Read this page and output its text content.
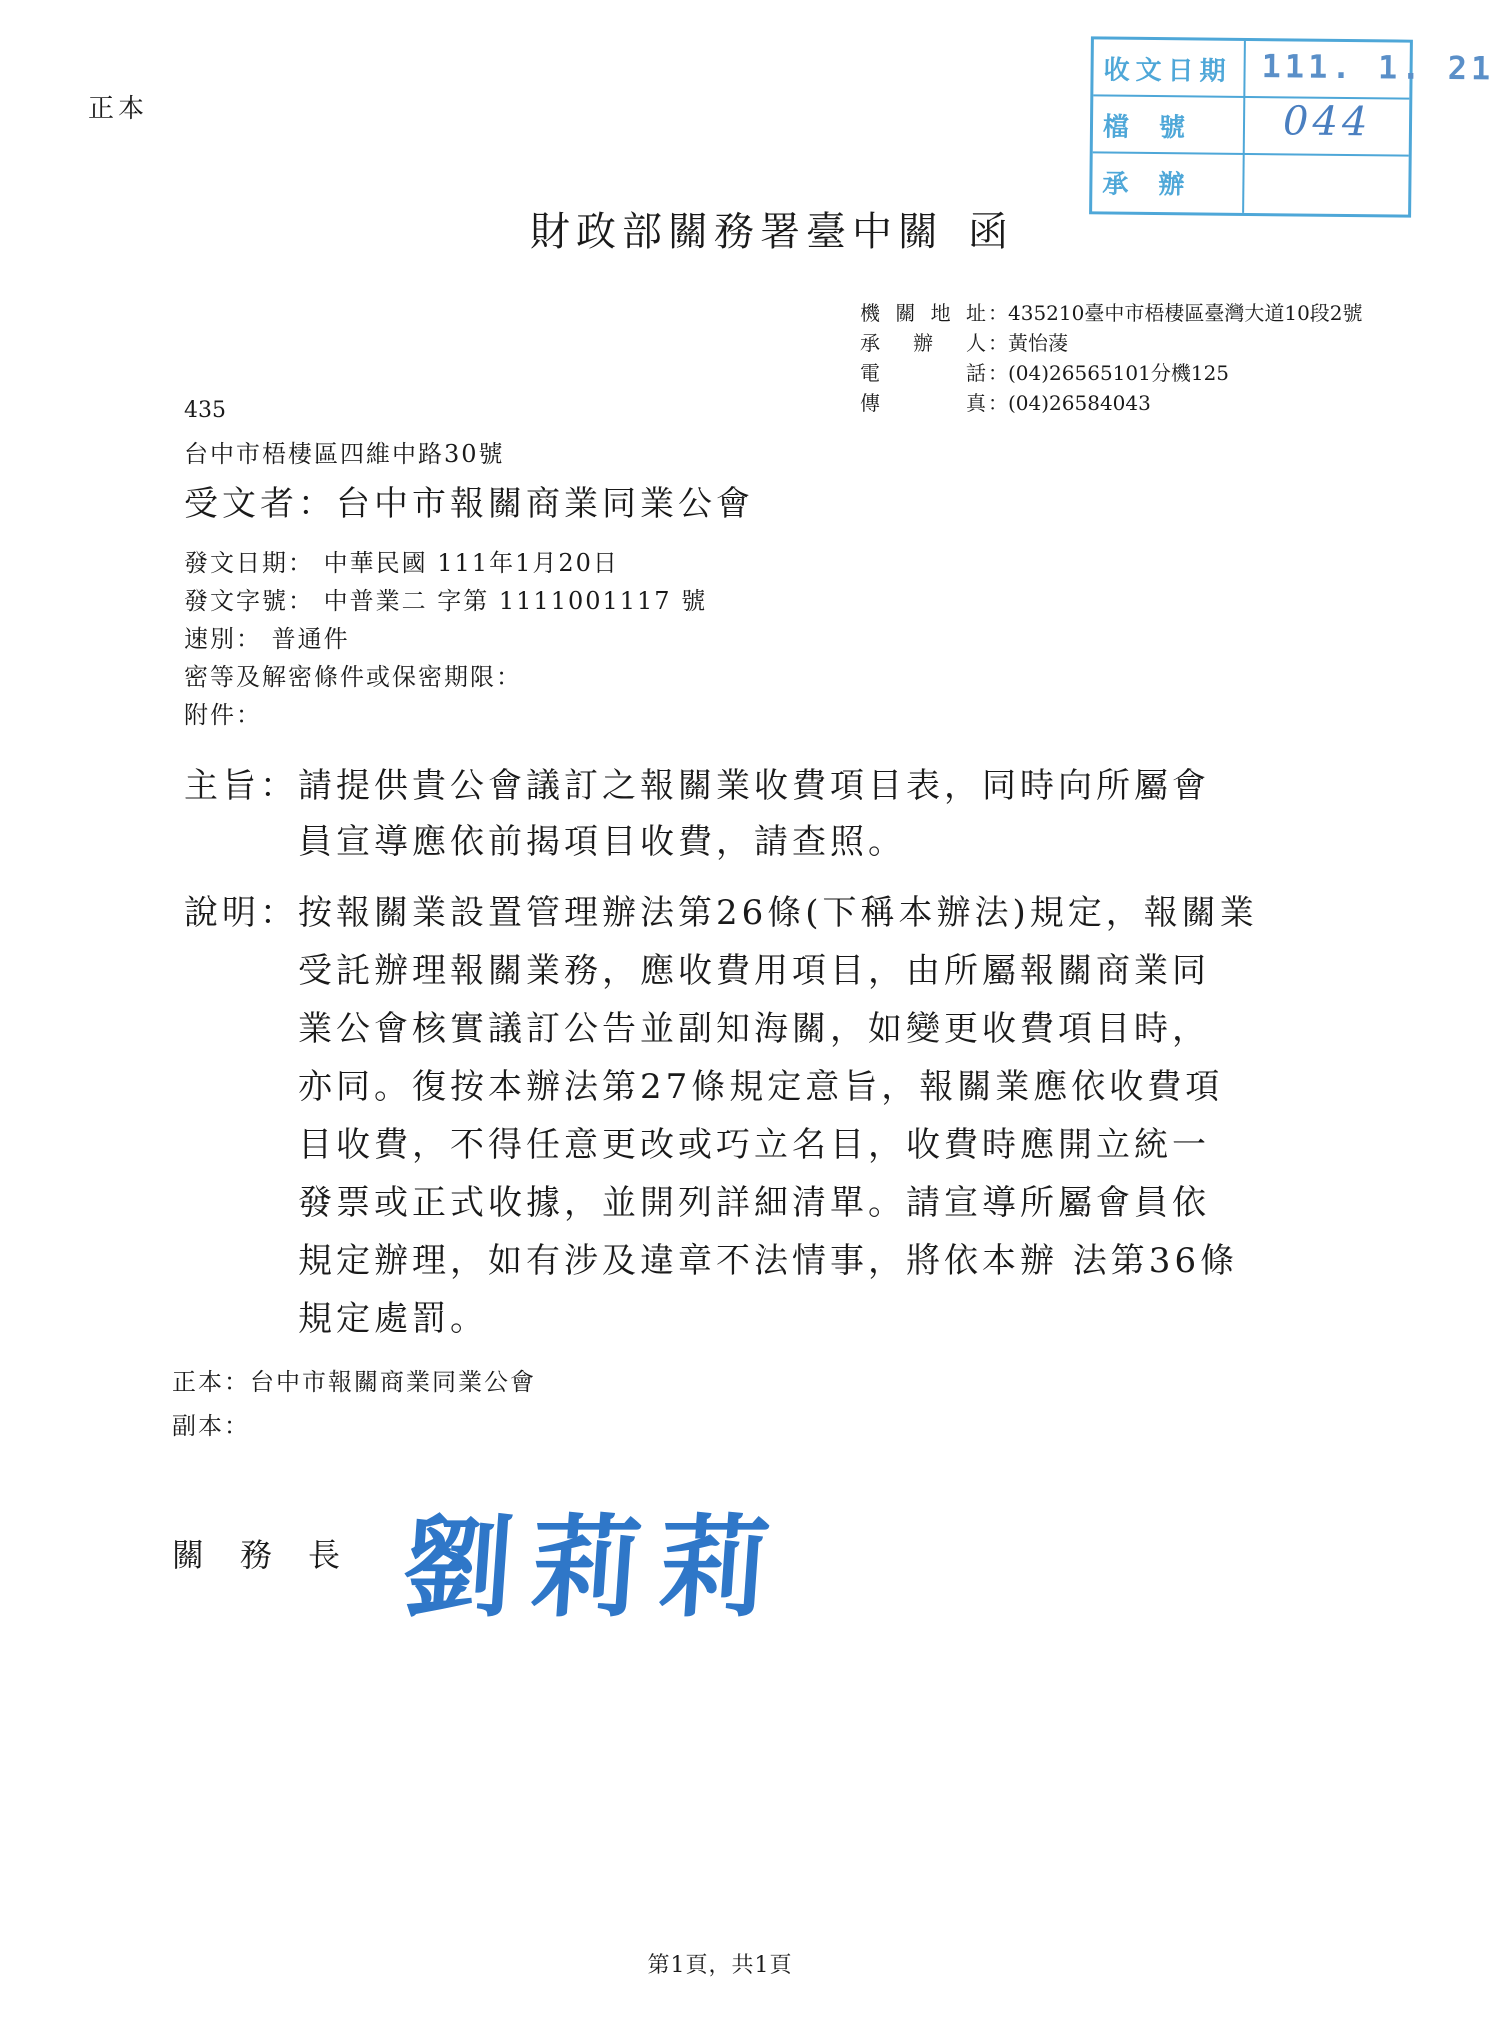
正本
收文日期 111. 1. 21
檔號 044
承辦
財政部關務署臺中關 函
機關地址：435210臺中市梧棲區臺灣大道10段2號
承辦人：黃怡蓤
電話：(04)26565101分機125
傳真：(04)26584043
435
台中市梧棲區四維中路30號
受文者：台中市報關商業同業公會
發文日期： 中華民國 111年1月20日
發文字號： 中普業二 字第 1111001117 號
速別： 普通件
密等及解密條件或保密期限：
附件：
主旨：請提供貴公會議訂之報關業收費項目表，同時向所屬會
員宣導應依前揭項目收費，請查照。
說明：按報關業設置管理辦法第26條(下稱本辦法)規定，報關業
受託辦理報關業務，應收費用項目，由所屬報關商業同
業公會核實議訂公告並副知海關，如變更收費項目時，
亦同。復按本辦法第27條規定意旨，報關業應依收費項
目收費，不得任意更改或巧立名目，收費時應開立統一
發票或正式收據，並開列詳細清單。請宣導所屬會員依
規定辦理，如有涉及違章不法情事，將依本辦 法第36條
規定處罰。
正本：台中市報關商業同業公會
副本：
關務長 劉莉莉
第1頁，共1頁
